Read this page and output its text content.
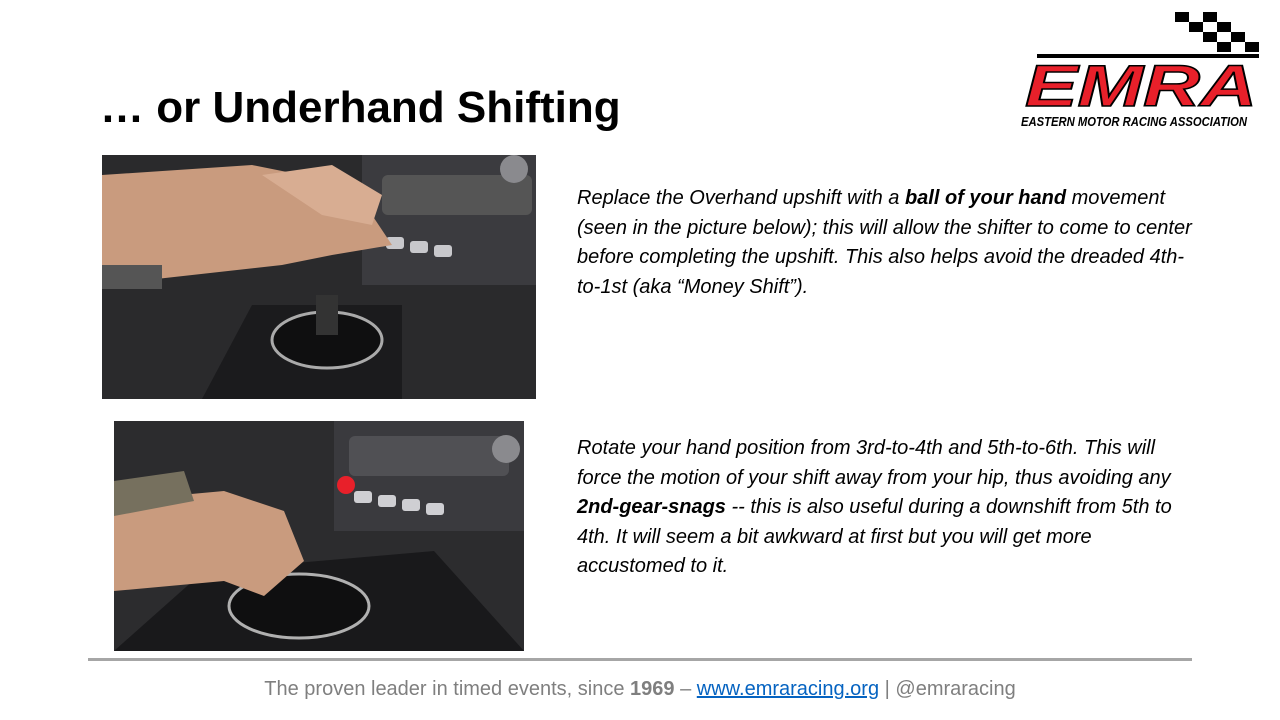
… or Underhand Shifting	EMRA
EASTERN MOTOR RACING ASSOCIATION

Replace the Overhand upshift with a ball of your hand movement (seen in the picture below); this will allow the shifter to come to center before completing the upshift. This also helps avoid the dreaded 4th-to-1st (aka “Money Shift”).

Rotate your hand position from 3rd-to-4th and 5th-to-6th. This will force the motion of your shift away from your hip, thus avoiding any 2nd-gear-snags -- this is also useful during a downshift from 5th to 4th. It will seem a bit awkward at first but you will get more accustomed to it.

The proven leader in timed events, since 1969 – www.emraracing.org | @emraracing
